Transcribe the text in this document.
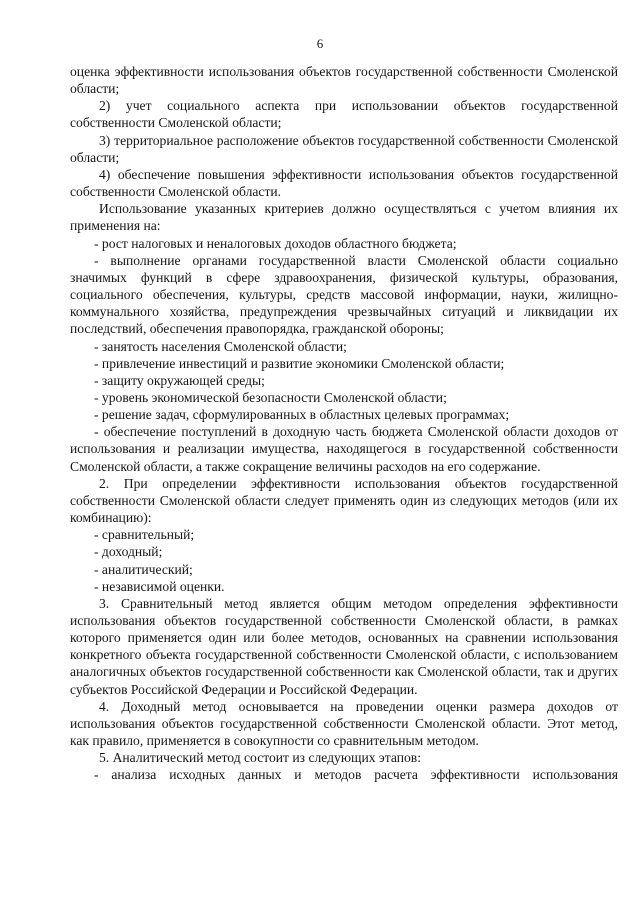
6

оценка эффективности использования объектов государственной собственности Смоленской области;

2) учет социального аспекта при использовании объектов государственной собственности Смоленской области;

3) территориальное расположение объектов государственной собственности Смоленской области;

4) обеспечение повышения эффективности использования объектов государственной собственности Смоленской области.

Использование указанных критериев должно осуществляться с учетом влияния их применения на:

- рост налоговых и неналоговых доходов областного бюджета;

- выполнение органами государственной власти Смоленской области социально значимых функций в сфере здравоохранения, физической культуры, образования, социального обеспечения, культуры, средств массовой информации, науки, жилищно-коммунального хозяйства, предупреждения чрезвычайных ситуаций и ликвидации их последствий, обеспечения правопорядка, гражданской обороны;

- занятость населения Смоленской области;

- привлечение инвестиций и развитие экономики Смоленской области;

- защиту окружающей среды;

- уровень экономической безопасности Смоленской области;

- решение задач, сформулированных в областных целевых программах;

- обеспечение поступлений в доходную часть бюджета Смоленской области доходов от использования и реализации имущества, находящегося в государственной собственности Смоленской области, а также сокращение величины расходов на его содержание.

2. При определении эффективности использования объектов государственной собственности Смоленской области следует применять один из следующих методов (или их комбинацию):

- сравнительный;

- доходный;

- аналитический;

- независимой оценки.

3. Сравнительный метод является общим методом определения эффективности использования объектов государственной собственности Смоленской области, в рамках которого применяется один или более методов, основанных на сравнении использования конкретного объекта государственной собственности Смоленской области, с использованием аналогичных объектов государственной собственности как Смоленской области, так и других субъектов Российской Федерации и Российской Федерации.

4. Доходный метод основывается на проведении оценки размера доходов от использования объектов государственной собственности Смоленской области. Этот метод, как правило, применяется в совокупности со сравнительным методом.

5. Аналитический метод состоит из следующих этапов:

- анализа исходных данных и методов расчета эффективности использования
